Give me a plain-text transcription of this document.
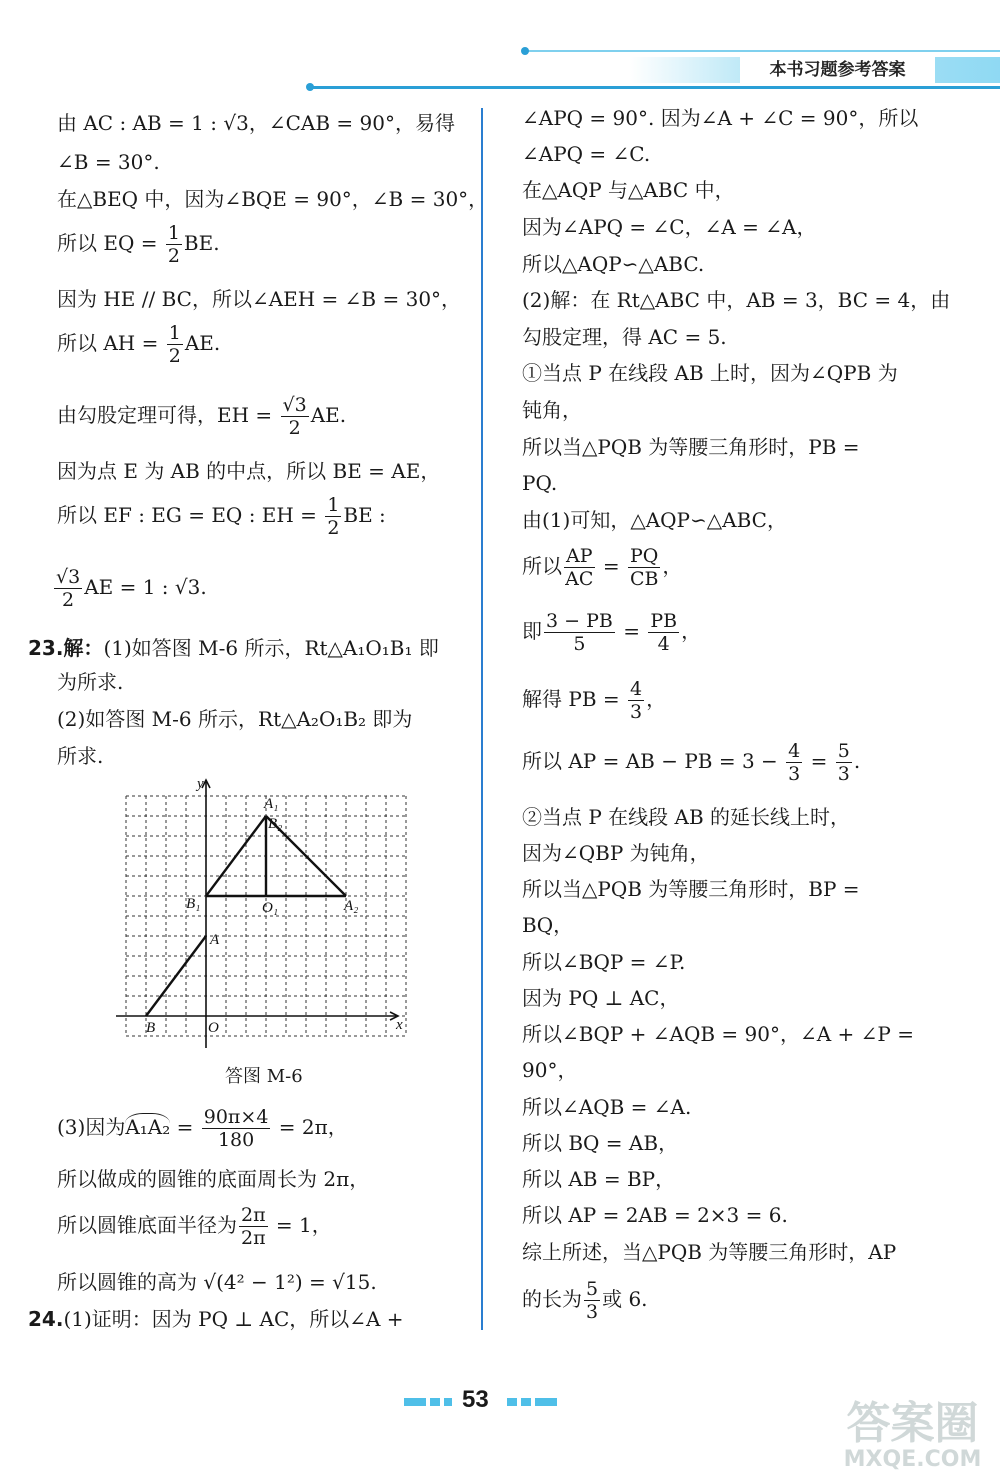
本书习题参考答案
由 AC : AB = 1 : √3，∠CAB = 90°，易得
∠B = 30°.
在△BEQ 中，因为∠BQE = 90°，∠B = 30°，
所以 EQ = $\frac{1}{2}$ BE.
因为 HE // BC，所以∠AEH = ∠B = 30°，
所以 AH = $\frac{1}{2}$ AE.
由勾股定理可得，EH = $\frac{√3}{2}$ AE.
因为点 E 为 AB 的中点，所以 BE = AE，
所以 EF : EG = EQ : EH = $\frac{1}{2}$ BE :
$\frac{√3}{2}$ AE = 1 : √3.
23.解：(1)如答图 M-6 所示，Rt△A₁O₁B₁ 即
为所求.
(2)如答图 M-6 所示，Rt△A₂O₁B₂ 即为
所求.
(3)因为$A_1A_2 = \frac{90\pi\times 4}{180} = 2\pi$，
所以做成的圆锥的底面周长为 2π，
所以圆锥底面半径为 $\frac{2\pi}{2\pi} = 1$，
所以圆锥的高为 √(4² − 1²) = √15.
24.(1)证明：因为 PQ ⊥ AC，所以∠A +
y
x
A₁
B₂
B₁	O₁	A₂
A
B	O
答图 M-6
∠APQ = 90°. 因为∠A + ∠C = 90°，所以
∠APQ = ∠C.
在△AQP 与△ABC 中，
因为∠APQ = ∠C，∠A = ∠A，
所以△AQP∽△ABC.
(2)解：在 Rt△ABC 中，AB = 3，BC = 4，由
勾股定理，得 AC = 5.
①当点 P 在线段 AB 上时，因为∠QPB 为
钝角，
所以当△PQB 为等腰三角形时，PB =
PQ.
由(1)可知，△AQP∽△ABC，
所以 $\frac{AP}{AC} = \frac{PQ}{CB}$ ，
即 $\frac{3 - PB}{5} = \frac{PB}{4}$ ，
解得 PB = $\frac{4}{3}$ ，
所以 AP = AB − PB = $3 - \frac{4}{3} = \frac{5}{3}$ .
②当点 P 在线段 AB 的延长线上时，
因为∠QBP 为钝角，
所以当△PQB 为等腰三角形时，BP =
BQ，
所以∠BQP = ∠P.
因为 PQ ⊥ AC，
所以∠BQP + ∠AQB = 90°，∠A + ∠P =
90°，
所以∠AQB = ∠A.
所以 BQ = AB，
所以 AB = BP，
所以 AP = 2AB = 2×3 = 6.
综上所述，当△PQB 为等腰三角形时，AP
的长为 $\frac{5}{3}$ 或 6.
53	答案圈
MXQE.COM
